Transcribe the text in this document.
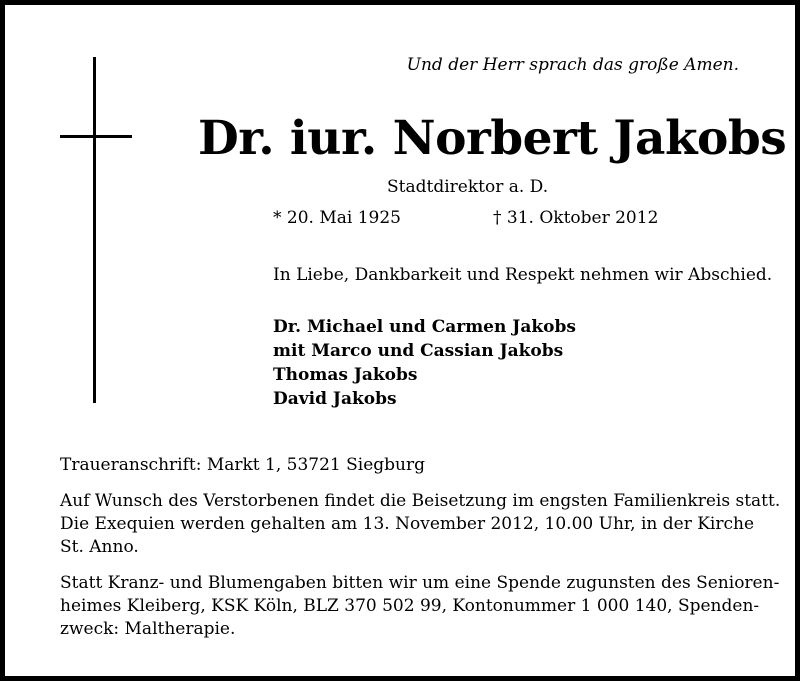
Und der Herr sprach das große Amen.
Dr. iur. Norbert Jakobs
Stadtdirektor a. D.
* 20. Mai 1925	† 31. Oktober 2012
In Liebe, Dankbarkeit und Respekt nehmen wir Abschied.
Dr. Michael und Carmen Jakobs
mit Marco und Cassian Jakobs
Thomas Jakobs
David Jakobs
Traueranschrift: Markt 1, 53721 Siegburg
Auf Wunsch des Verstorbenen findet die Beisetzung im engsten Familienkreis statt.
Die Exequien werden gehalten am 13. November 2012, 10.00 Uhr, in der Kirche
St. Anno.
Statt Kranz- und Blumengaben bitten wir um eine Spende zugunsten des Senioren-
heimes Kleiberg, KSK Köln, BLZ 370 502 99, Kontonummer 1 000 140, Spenden-
zweck: Maltherapie.
